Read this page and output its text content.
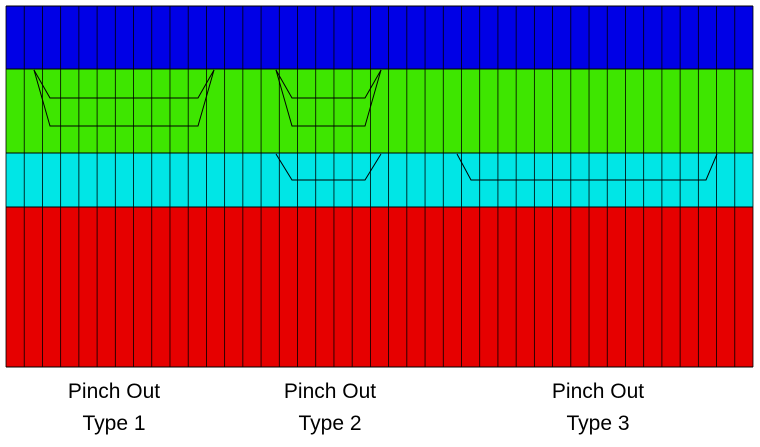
Pinch Out
Type 1
Pinch Out
Type 2
Pinch Out
Type 3
